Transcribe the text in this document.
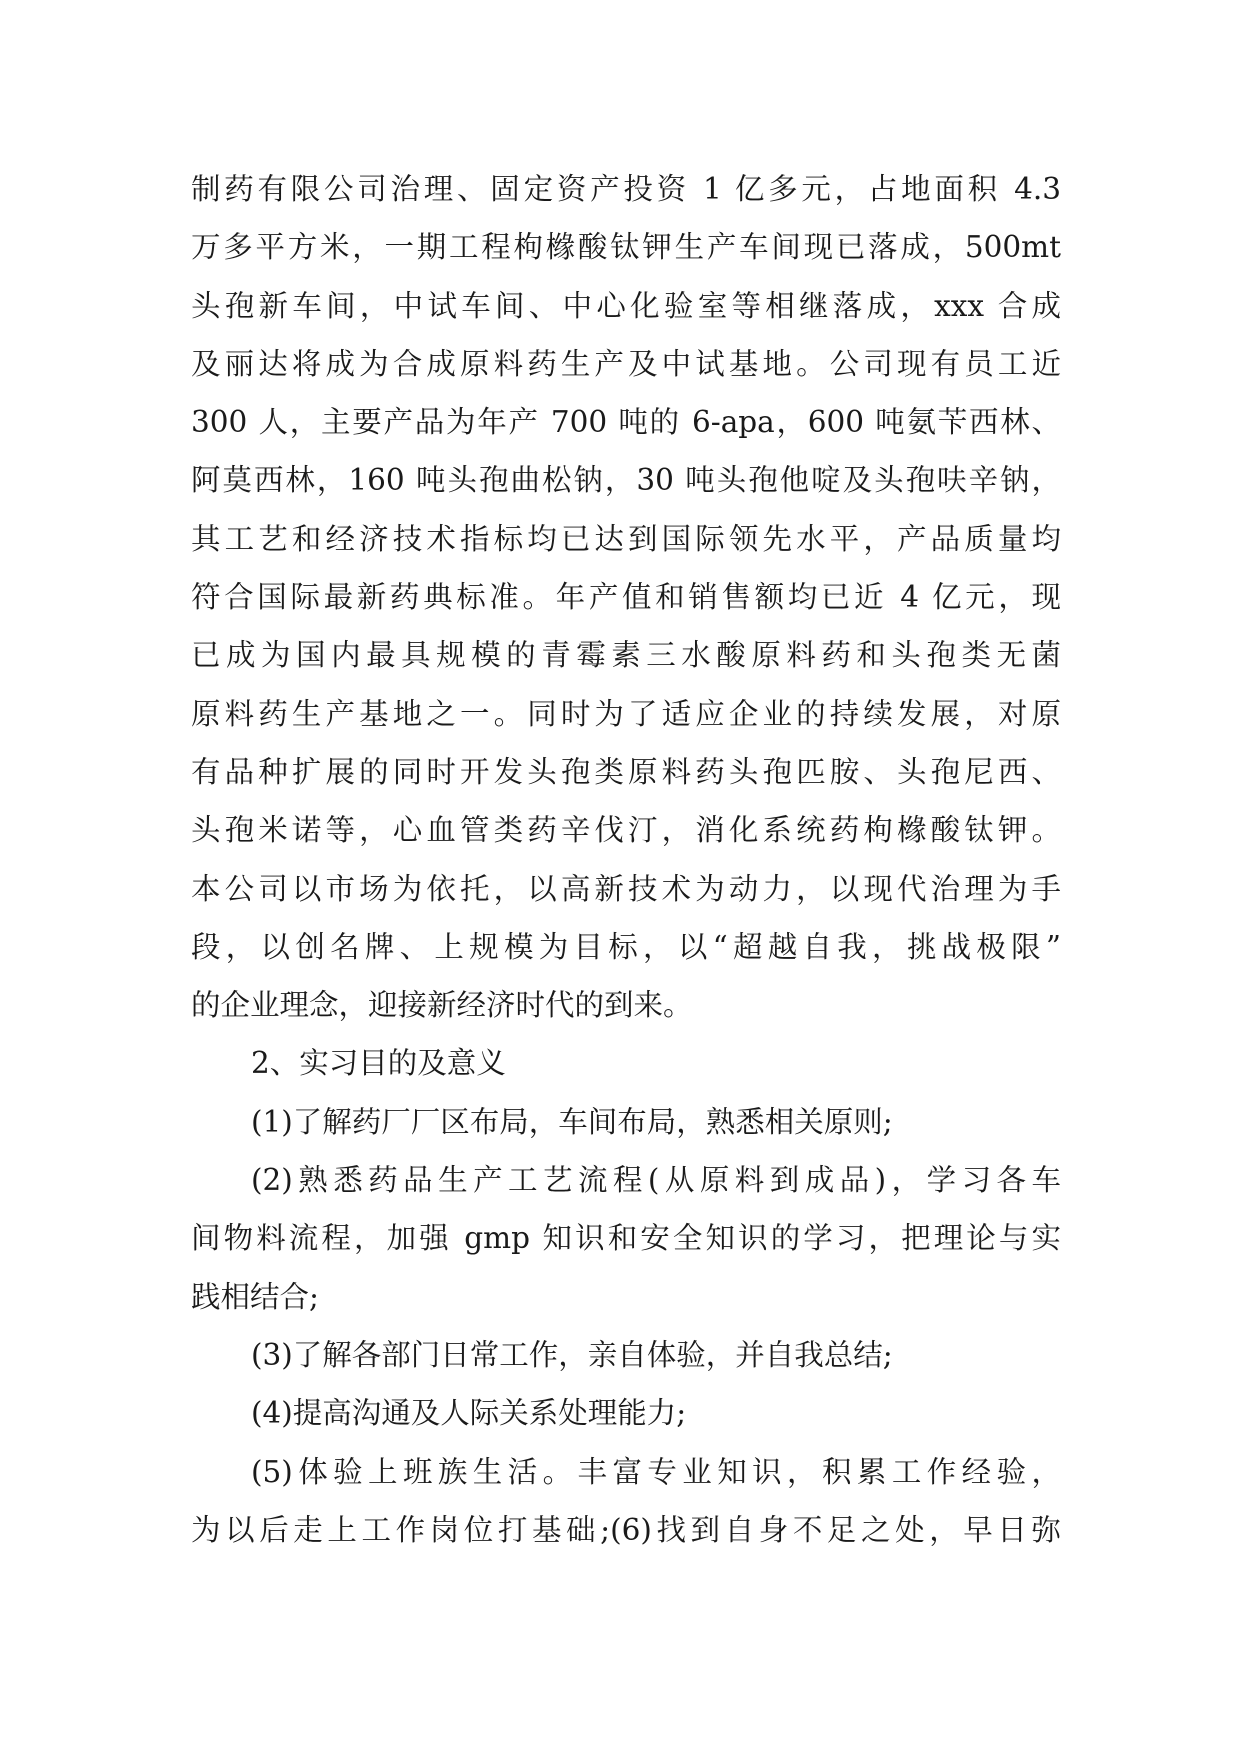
制药有限公司治理、固定资产投资 1 亿多元，占地面积 4.3
万多平方米，一期工程枸橼酸钛钾生产车间现已落成，500mt
头孢新车间，中试车间、中心化验室等相继落成，xxx 合成
及丽达将成为合成原料药生产及中试基地。公司现有员工近
300 人，主要产品为年产 700 吨的 6-apa，600 吨氨苄西林、
阿莫西林，160 吨头孢曲松钠，30 吨头孢他啶及头孢呋辛钠，
其工艺和经济技术指标均已达到国际领先水平，产品质量均
符合国际最新药典标准。年产值和销售额均已近 4 亿元，现
已成为国内最具规模的青霉素三水酸原料药和头孢类无菌
原料药生产基地之一。同时为了适应企业的持续发展，对原
有品种扩展的同时开发头孢类原料药头孢匹胺、头孢尼西、
头孢米诺等，心血管类药辛伐汀，消化系统药枸橼酸钛钾。
本公司以市场为依托，以高新技术为动力，以现代治理为手
段，以创名牌、上规模为目标，以“超越自我，挑战极限”
的企业理念，迎接新经济时代的到来。
2、实习目的及意义
(1)了解药厂厂区布局，车间布局，熟悉相关原则;
(2)熟悉药品生产工艺流程(从原料到成品)，学习各车
间物料流程，加强 gmp 知识和安全知识的学习，把理论与实
践相结合;
(3)了解各部门日常工作，亲自体验，并自我总结;
(4)提高沟通及人际关系处理能力;
(5)体验上班族生活。丰富专业知识，积累工作经验，
为以后走上工作岗位打基础;(6)找到自身不足之处，早日弥
